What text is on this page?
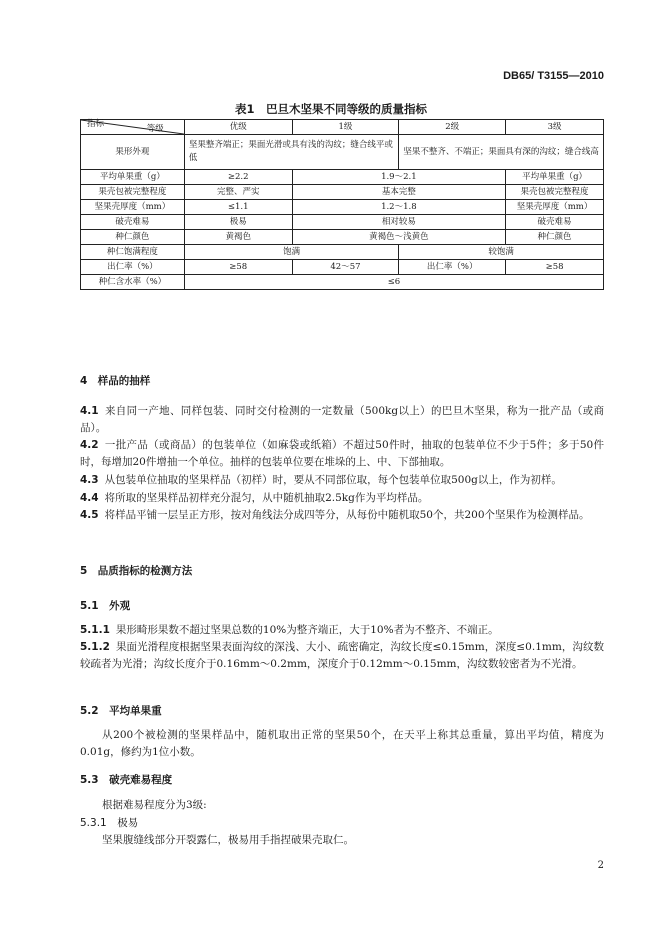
DB65/ T3155—2010
表1　巴旦木坚果不同等级的质量指标
等级
指标	优级	1级	2级	3级
果形外观	坚果整齐端正；果面光滑或具有浅的沟纹；缝合线平或低		坚果不整齐、不端正；果面具有深的沟纹；缝合线高	
平均单果重（g）	≥2.2	1.9～2.1		平均单果重（g）
果壳包被完整程度	完整、严实	基本完整		果壳包被完整程度
坚果壳厚度（mm）	≤1.1	1.2～1.8		坚果壳厚度（mm）
破壳难易	极易	相对较易		破壳难易
种仁颜色	黄褐色	黄褐色～浅黄色		种仁颜色
种仁饱满程度	饱满		较饱满	
出仁率（%）	≥58	42～57	出仁率（%）	≥58
种仁含水率（%）	≤6			
4　样品的抽样
4.1 来自同一产地、同样包装、同时交付检测的一定数量（500kg以上）的巴旦木坚果，称为一批产品（或商品）。
4.2 一批产品（或商品）的包装单位（如麻袋或纸箱）不超过50件时，抽取的包装单位不少于5件；多于50件时，每增加20件增抽一个单位。抽样的包装单位要在堆垛的上、中、下部抽取。
4.3 从包装单位抽取的坚果样品（初样）时，要从不同部位取，每个包装单位取500g以上，作为初样。
4.4 将所取的坚果样品初样充分混匀，从中随机抽取2.5kg作为平均样品。
4.5 将样品平铺一层呈正方形，按对角线法分成四等分，从每份中随机取50个，共200个坚果作为检测样品。
5　品质指标的检测方法
5.1　外观
5.1.1 果形畸形果数不超过坚果总数的10%为整齐端正，大于10%者为不整齐、不端正。
5.1.2 果面光滑程度根据坚果表面沟纹的深浅、大小、疏密确定，沟纹长度≤0.15mm，深度≤0.1mm，沟纹数较疏者为光滑；沟纹长度介于0.16mm～0.2mm，深度介于0.12mm～0.15mm，沟纹数较密者为不光滑。
5.2　平均单果重
从200个被检测的坚果样品中，随机取出正常的坚果50个，在天平上称其总重量，算出平均值，精度为0.01g，修约为1位小数。
5.3　破壳难易程度
根据难易程度分为3级:
5.3.1　极易
坚果腹缝线部分开裂露仁，极易用手指捏破果壳取仁。
2
